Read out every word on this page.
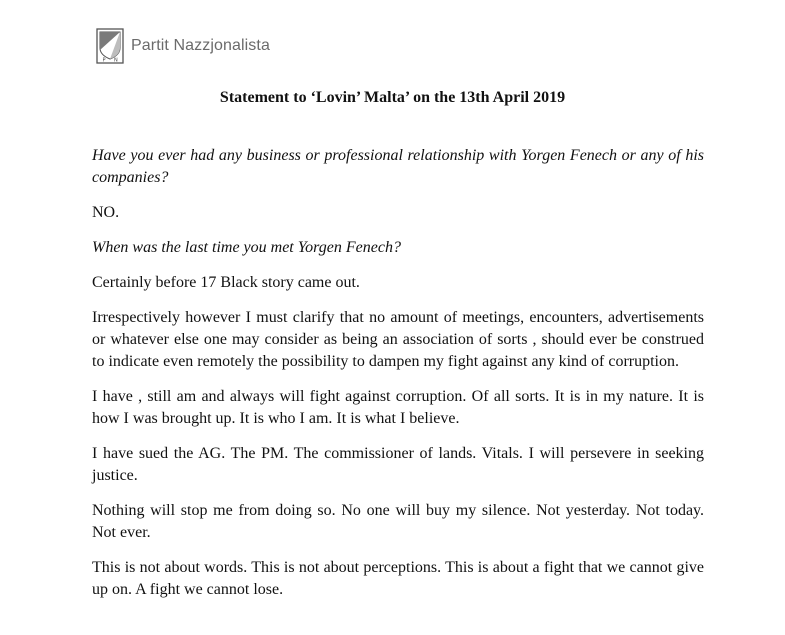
P N
Partit Nazzjonalista
Statement to ‘Lovin’ Malta’ on the 13th April 2019

Have you ever had any business or professional relationship with Yorgen Fenech or any of his companies?

NO.

When was the last time you met Yorgen Fenech?

Certainly before 17 Black story came out.

Irrespectively however I must clarify that no amount of meetings, encounters, advertisements or whatever else one may consider as being an association of sorts , should ever be construed to indicate even remotely the possibility to dampen my fight against any kind of corruption.

I have , still am and always will fight against corruption. Of all sorts. It is in my nature. It is how I was brought up. It is who I am. It is what I believe.

I have sued the AG. The PM. The commissioner of lands. Vitals. I will persevere in seeking justice.

Nothing will stop me from doing so. No one will buy my silence. Not yesterday. Not today. Not ever.

This is not about words. This is not about perceptions. This is about a fight that we cannot give up on. A fight we cannot lose.
